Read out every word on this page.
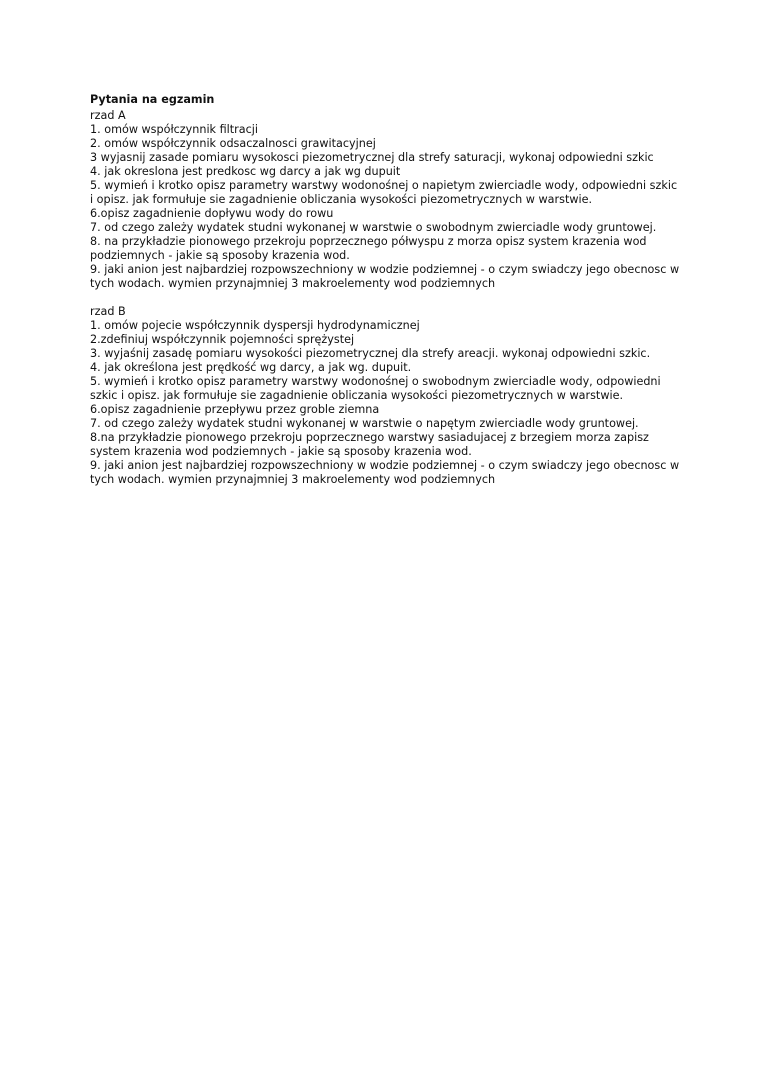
Pytania na egzamin
rzad A
1. omów współczynnik filtracji
2. omów współczynnik odsaczalnosci grawitacyjnej
3 wyjasnij zasade pomiaru wysokosci piezometrycznej dla strefy saturacji, wykonaj odpowiedni szkic
4. jak okreslona jest predkosc wg darcy a jak wg dupuit
5. wymień i krotko opisz parametry warstwy wodonośnej o napietym zwierciadle wody, odpowiedni szkic i opisz. jak formułuje sie zagadnienie obliczania wysokości piezometrycznych w warstwie.
6.opisz zagadnienie dopływu wody do rowu
7. od czego zależy wydatek studni wykonanej w warstwie o swobodnym zwierciadle wody gruntowej.
8. na przykładzie pionowego przekroju poprzecznego półwyspu z morza opisz system krazenia wod podziemnych - jakie są sposoby krazenia wod.
9. jaki anion jest najbardziej rozpowszechniony w wodzie podziemnej - o czym swiadczy jego obecnosc w tych wodach. wymien przynajmniej 3 makroelementy wod podziemnych
rzad B
1. omów pojecie współczynnik dyspersji hydrodynamicznej
2.zdefiniuj współczynnik pojemności sprężystej
3. wyjaśnij zasadę pomiaru wysokości piezometrycznej dla strefy areacji. wykonaj odpowiedni szkic.
4. jak określona jest prędkość wg darcy, a jak wg. dupuit.
5. wymień i krotko opisz parametry warstwy wodonośnej o swobodnym zwierciadle wody, odpowiedni szkic i opisz. jak formułuje sie zagadnienie obliczania wysokości piezometrycznych w warstwie.
6.opisz zagadnienie przepływu przez groble ziemna
7. od czego zależy wydatek studni wykonanej w warstwie o napętym zwierciadle wody gruntowej.
8.na przykładzie pionowego przekroju poprzecznego warstwy sasiadujacej z brzegiem morza zapisz system krazenia wod podziemnych - jakie są sposoby krazenia wod.
9. jaki anion jest najbardziej rozpowszechniony w wodzie podziemnej - o czym swiadczy jego obecnosc w tych wodach. wymien przynajmniej 3 makroelementy wod podziemnych
